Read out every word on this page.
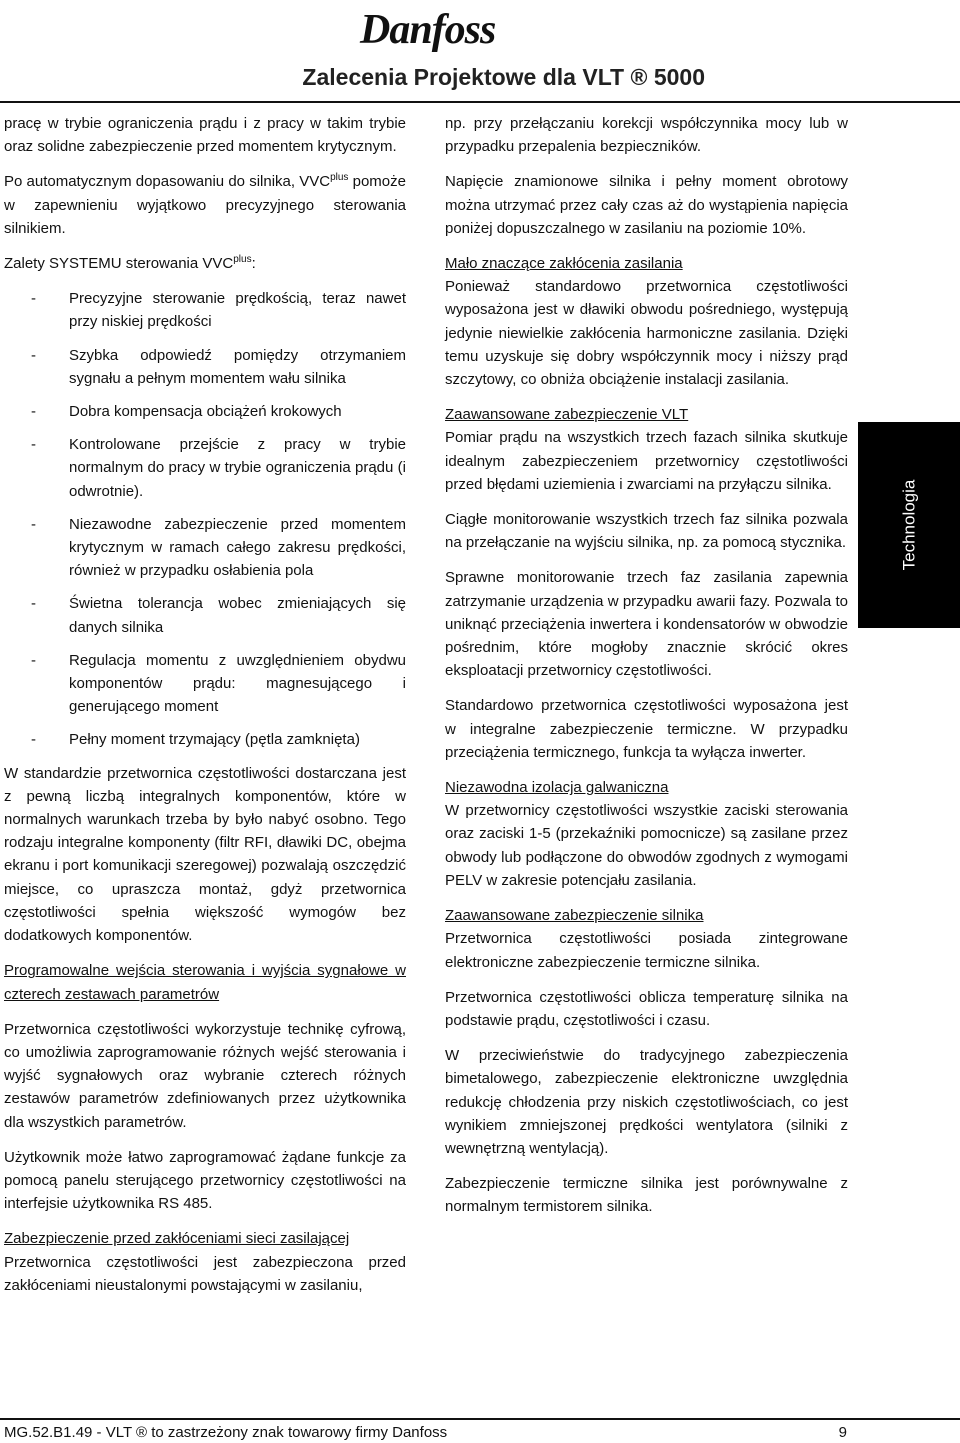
Danfoss
Zalecenia Projektowe dla VLT ® 5000

pracę w trybie ograniczenia prądu i z pracy w takim trybie oraz solidne zabezpieczenie przed momentem krytycznym.

Po automatycznym dopasowaniu do silnika, $VVC^{plus}$ pomoże w zapewnieniu wyjątkowo precyzyjnego sterowania silnikiem.

Zalety SYSTEMU sterowania $VVC^{plus}$:

- Precyzyjne sterowanie prędkością, teraz nawet przy niskiej prędkości
- Szybka odpowiedź pomiędzy otrzymaniem sygnału a pełnym momentem wału silnika
- Dobra kompensacja obciążeń krokowych
- Kontrolowane przejście z pracy w trybie normalnym do pracy w trybie ograniczenia prądu (i odwrotnie).
- Niezawodne zabezpieczenie przed momentem krytycznym w ramach całego zakresu prędkości, również w przypadku osłabienia pola
- Świetna tolerancja wobec zmieniających się danych silnika
- Regulacja momentu z uwzględnieniem obydwu komponentów prądu: magnesującego i generującego moment
- Pełny moment trzymający (pętla zamknięta)

W standardzie przetwornica częstotliwości dostarczana jest z pewną liczbą integralnych komponentów, które w normalnych warunkach trzeba by było nabyć osobno. Tego rodzaju integralne komponenty (filtr RFI, dławiki DC, obejma ekranu i port komunikacji szeregowej) pozwalają oszczędzić miejsce, co upraszcza montaż, gdyż przetwornica częstotliwości spełnia większość wymogów bez dodatkowych komponentów.

Programowalne wejścia sterowania i wyjścia sygnałowe w czterech zestawach parametrów

Przetwornica częstotliwości wykorzystuje technikę cyfrową, co umożliwia zaprogramowanie różnych wejść sterowania i wyjść sygnałowych oraz wybranie czterech różnych zestawów parametrów zdefiniowanych przez użytkownika dla wszystkich parametrów.

Użytkownik może łatwo zaprogramować żądane funkcje za pomocą panelu sterującego przetwornicy częstotliwości na interfejsie użytkownika RS 485.

Zabezpieczenie przed zakłóceniami sieci zasilającej

Przetwornica częstotliwości jest zabezpieczona przed zakłóceniami nieustalonymi powstającymi w zasilaniu,

np. przy przełączaniu korekcji współczynnika mocy lub w przypadku przepalenia bezpieczników.

Napięcie znamionowe silnika i pełny moment obrotowy można utrzymać przez cały czas aż do wystąpienia napięcia poniżej dopuszczalnego w zasilaniu na poziomie 10%.

Mało znaczące zakłócenia zasilania

Ponieważ standardowo przetwornica częstotliwości wyposażona jest w dławiki obwodu pośredniego, występują jedynie niewielkie zakłócenia harmoniczne zasilania. Dzięki temu uzyskuje się dobry współczynnik mocy i niższy prąd szczytowy, co obniża obciążenie instalacji zasilania.

Zaawansowane zabezpieczenie VLT

Pomiar prądu na wszystkich trzech fazach silnika skutkuje idealnym zabezpieczeniem przetwornicy częstotliwości przed błędami uziemienia i zwarciami na przyłączu silnika.

Ciągłe monitorowanie wszystkich trzech faz silnika pozwala na przełączanie na wyjściu silnika, np. za pomocą stycznika.

Sprawne monitorowanie trzech faz zasilania zapewnia zatrzymanie urządzenia w przypadku awarii fazy. Pozwala to uniknąć przeciążenia inwertera i kondensatorów w obwodzie pośrednim, które mogłoby znacznie skrócić okres eksploatacji przetwornicy częstotliwości.

Standardowo przetwornica częstotliwości wyposażona jest w integralne zabezpieczenie termiczne. W przypadku przeciążenia termicznego, funkcja ta wyłącza inwerter.

Niezawodna izolacja galwaniczna

W przetwornicy częstotliwości wszystkie zaciski sterowania oraz zaciski 1-5 (przekaźniki pomocnicze) są zasilane przez obwody lub podłączone do obwodów zgodnych z wymogami PELV w zakresie potencjału zasilania.

Zaawansowane zabezpieczenie silnika

Przetwornica częstotliwości posiada zintegrowane elektroniczne zabezpieczenie termiczne silnika.

Przetwornica częstotliwości oblicza temperaturę silnika na podstawie prądu, częstotliwości i czasu.

W przeciwieństwie do tradycyjnego zabezpieczenia bimetalowego, zabezpieczenie elektroniczne uwzględnia redukcję chłodzenia przy niskich częstotliwościach, co jest wynikiem zmniejszonej prędkości wentylatora (silniki z wewnętrzną wentylacją).

Zabezpieczenie termiczne silnika jest porównywalne z normalnym termistorem silnika.

Technologia
MG.52.B1.49 - VLT ® to zastrzeżony znak towarowy firmy Danfoss	9
